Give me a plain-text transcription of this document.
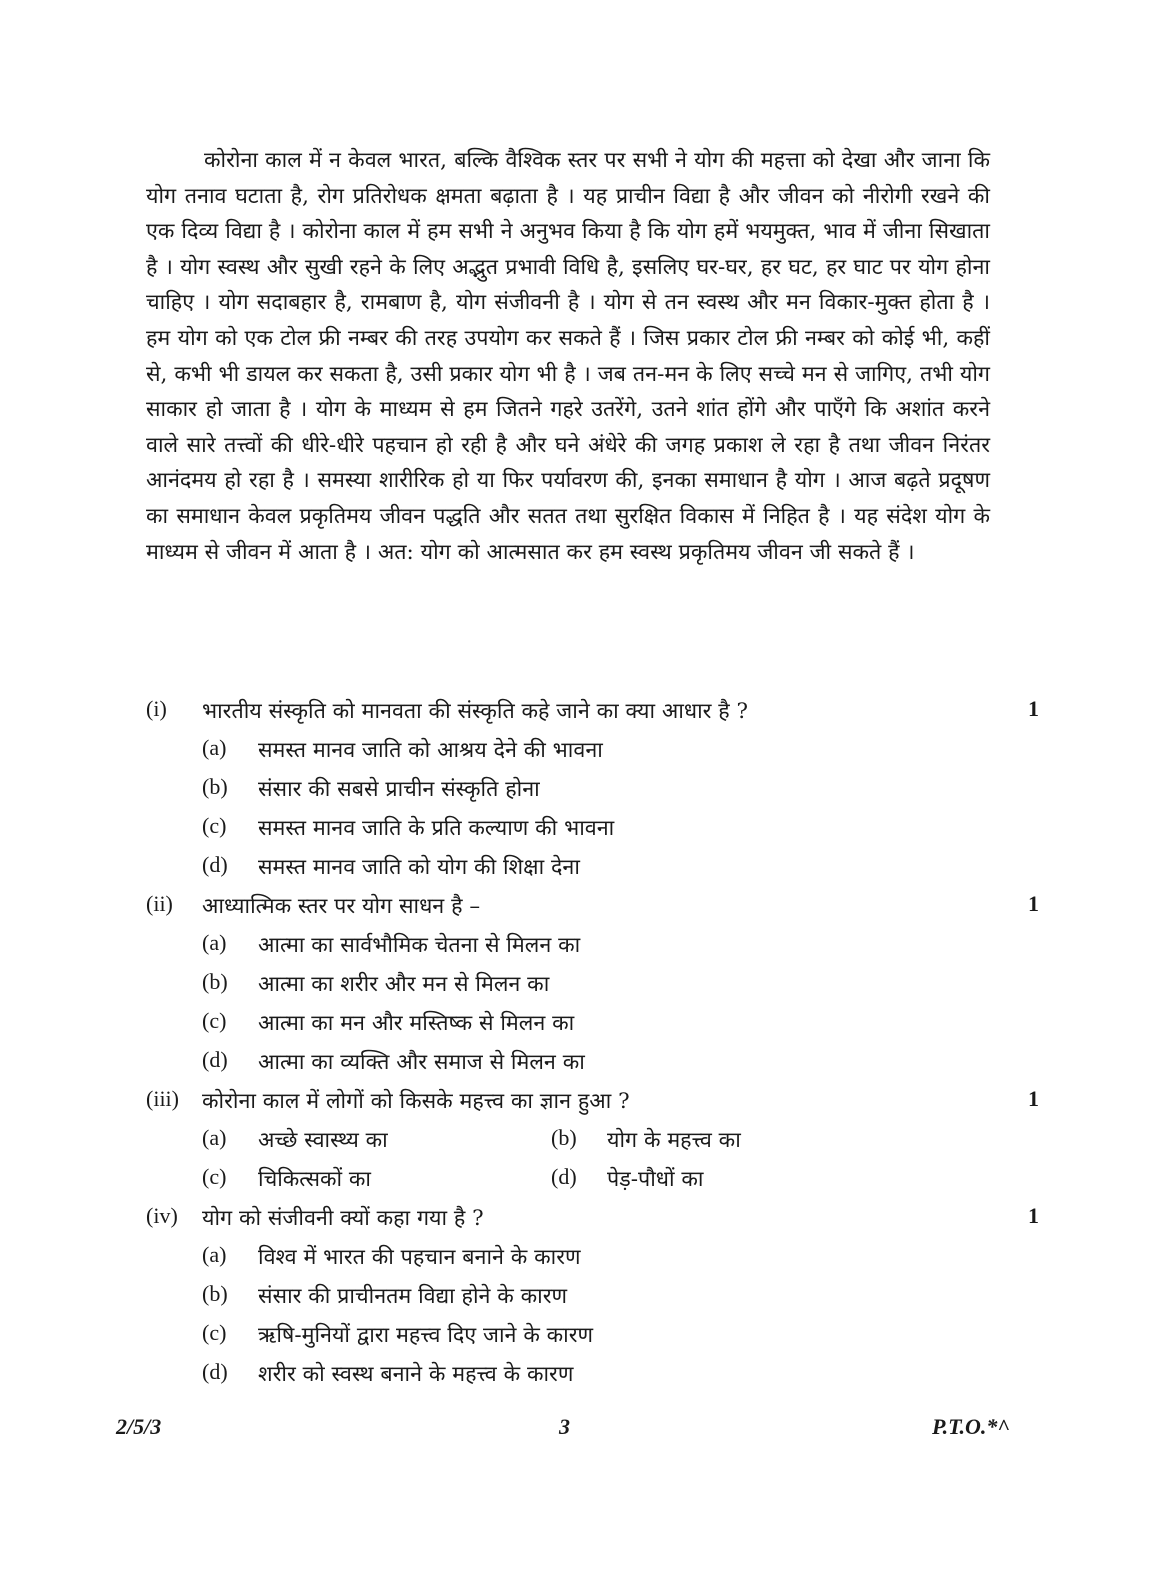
कोरोना काल में न केवल भारत, बल्कि वैश्विक स्तर पर सभी ने योग की महत्ता को देखा और जाना कि योग तनाव घटाता है, रोग प्रतिरोधक क्षमता बढ़ाता है । यह प्राचीन विद्या है और जीवन को नीरोगी रखने की एक दिव्य विद्या है । कोरोना काल में हम सभी ने अनुभव किया है कि योग हमें भयमुक्त, भाव में जीना सिखाता है । योग स्वस्थ और सुखी रहने के लिए अद्भुत प्रभावी विधि है, इसलिए घर-घर, हर घट, हर घाट पर योग होना चाहिए । योग सदाबहार है, रामबाण है, योग संजीवनी है । योग से तन स्वस्थ और मन विकार-मुक्त होता है । हम योग को एक टोल फ्री नम्बर की तरह उपयोग कर सकते हैं । जिस प्रकार टोल फ्री नम्बर को कोई भी, कहीं से, कभी भी डायल कर सकता है, उसी प्रकार योग भी है । जब तन-मन के लिए सच्चे मन से जागिए, तभी योग साकार हो जाता है । योग के माध्यम से हम जितने गहरे उतरेंगे, उतने शांत होंगे और पाएँगे कि अशांत करने वाले सारे तत्त्वों की धीरे-धीरे पहचान हो रही है और घने अंधेरे की जगह प्रकाश ले रहा है तथा जीवन निरंतर आनंदमय हो रहा है । समस्या शारीरिक हो या फिर पर्यावरण की, इनका समाधान है योग । आज बढ़ते प्रदूषण का समाधान केवल प्रकृतिमय जीवन पद्धति और सतत तथा सुरक्षित विकास में निहित है । यह संदेश योग के माध्यम से जीवन में आता है । अत: योग को आत्मसात कर हम स्वस्थ प्रकृतिमय जीवन जी सकते हैं ।

(i) भारतीय संस्कृति को मानवता की संस्कृति कहे जाने का क्या आधार है ?	1
(a) समस्त मानव जाति को आश्रय देने की भावना
(b) संसार की सबसे प्राचीन संस्कृति होना
(c) समस्त मानव जाति के प्रति कल्याण की भावना
(d) समस्त मानव जाति को योग की शिक्षा देना
(ii) आध्यात्मिक स्तर पर योग साधन है –	1
(a) आत्मा का सार्वभौमिक चेतना से मिलन का
(b) आत्मा का शरीर और मन से मिलन का
(c) आत्मा का मन और मस्तिष्क से मिलन का
(d) आत्मा का व्यक्ति और समाज से मिलन का
(iii) कोरोना काल में लोगों को किसके महत्त्व का ज्ञान हुआ ?	1
(a) अच्छे स्वास्थ्य का	(b) योग के महत्त्व का
(c) चिकित्सकों का	(d) पेड़-पौधों का
(iv) योग को संजीवनी क्यों कहा गया है ?	1
(a) विश्व में भारत की पहचान बनाने के कारण
(b) संसार की प्राचीनतम विद्या होने के कारण
(c) ऋषि-मुनियों द्वारा महत्त्व दिए जाने के कारण
(d) शरीर को स्वस्थ बनाने के महत्त्व के कारण
2/5/3	3	P.T.O.*^
